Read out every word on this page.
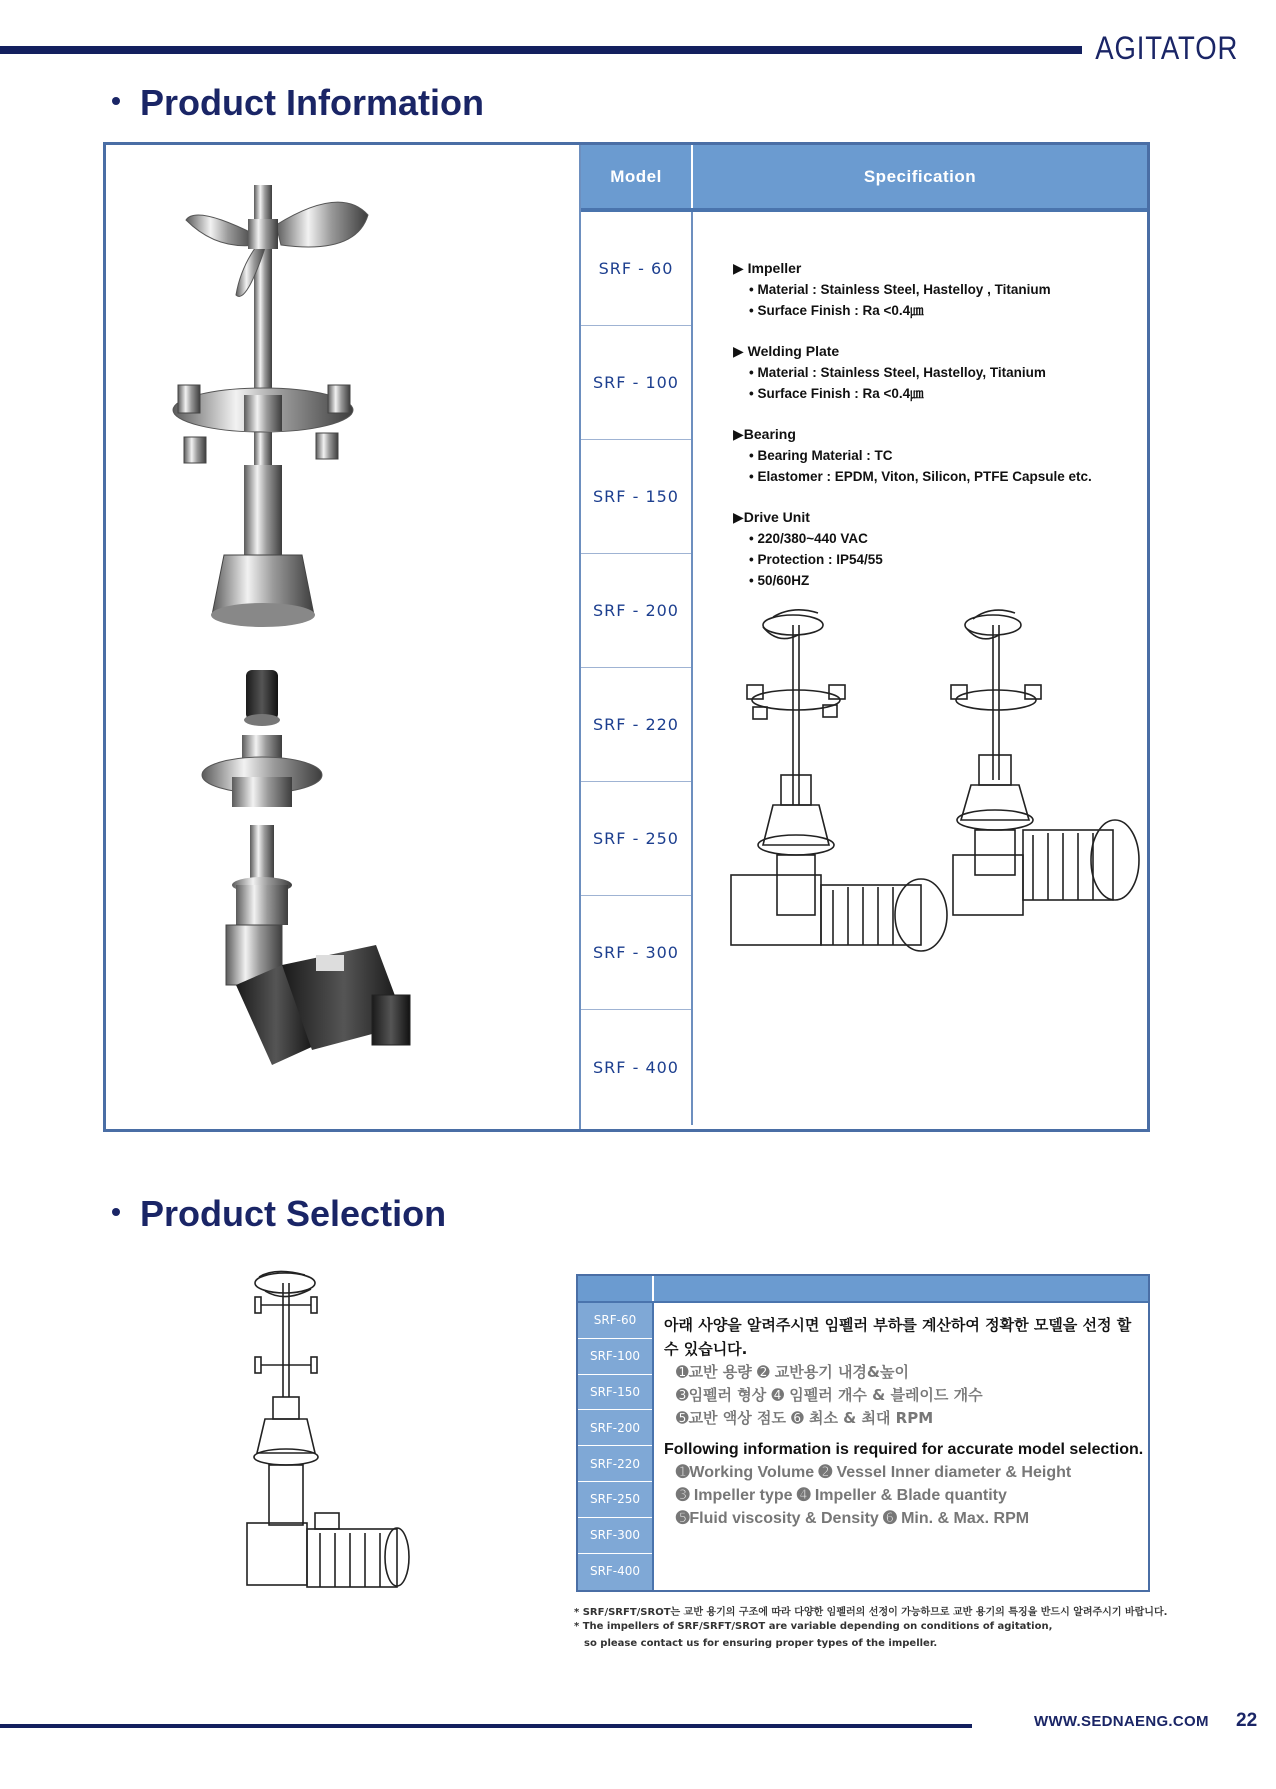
AGITATOR
Product Information
Model	Specification
SRF - 60
SRF - 100
SRF - 150
SRF - 200
SRF - 220
SRF - 250
SRF - 300
SRF - 400
▶ Impeller
• Material : Stainless Steel, Hastelloy , Titanium
• Surface Finish : Ra <0.4㎛
▶ Welding Plate
• Material : Stainless Steel, Hastelloy, Titanium
• Surface Finish : Ra <0.4㎛
▶Bearing
• Bearing Material : TC
• Elastomer : EPDM, Viton, Silicon, PTFE Capsule etc.
▶Drive Unit
• 220/380~440 VAC
• Protection : IP54/55
• 50/60HZ
Product Selection
SRF-60
SRF-100
SRF-150
SRF-200
SRF-220
SRF-250
SRF-300
SRF-400
아래 사양을 알려주시면 임펠러 부하를 계산하여 정확한 모델을 선정 할 수 있습니다.
➊교반 용량 ➋ 교반용기 내경&높이
➌임펠러 형상 ➍ 임펠러 개수 & 블레이드 개수
➎교반 액상 점도 ➏ 최소 & 최대 RPM
Following information is required for accurate model selection.
➊Working Volume ➋ Vessel Inner diameter & Height
➌ Impeller type ➍ Impeller & Blade quantity
➎Fluid viscosity & Density ➏ Min. & Max. RPM
* SRF/SRFT/SROT는 교반 용기의 구조에 따라 다양한 임펠러의 선정이 가능하므로 교반 용기의 특징을 반드시 알려주시기 바랍니다.
* The impellers of SRF/SRFT/SROT are variable depending on conditions of agitation,
so please contact us for ensuring proper types of the impeller.
WWW.SEDNAENG.COM 22
